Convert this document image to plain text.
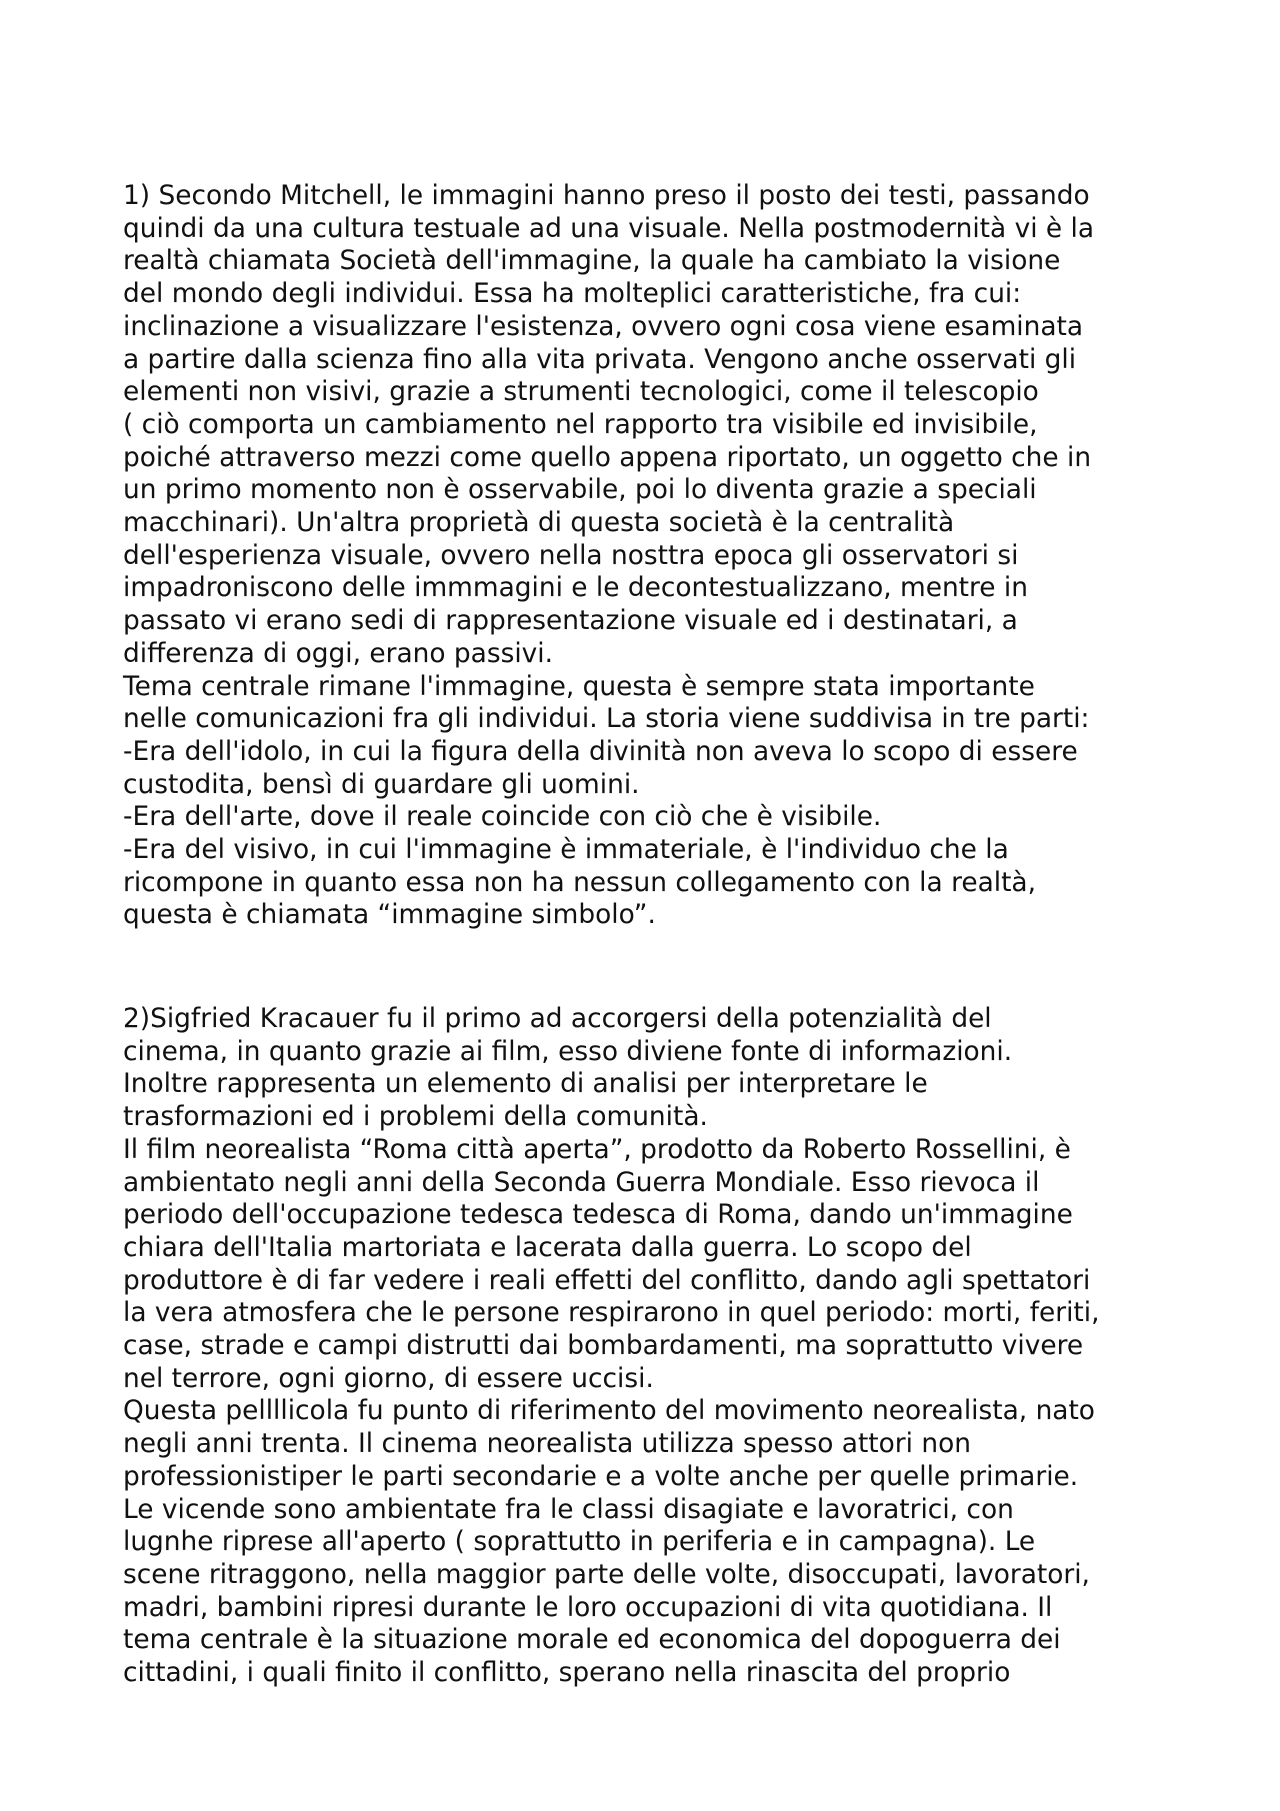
1) Secondo Mitchell, le immagini hanno preso il posto dei testi, passando
quindi da una cultura testuale ad una visuale. Nella postmodernità vi è la
realtà chiamata Società dell'immagine, la quale ha cambiato la visione
del mondo degli individui. Essa ha molteplici caratteristiche, fra cui:
inclinazione a visualizzare l'esistenza, ovvero ogni cosa viene esaminata
a partire dalla scienza fino alla vita privata. Vengono anche osservati gli
elementi non visivi, grazie a strumenti tecnologici, come il telescopio
( ciò comporta un cambiamento nel rapporto tra visibile ed invisibile,
poiché attraverso mezzi come quello appena riportato, un oggetto che in
un primo momento non è osservabile, poi lo diventa grazie a speciali
macchinari). Un'altra proprietà di questa società è la centralità
dell'esperienza visuale, ovvero nella nosttra epoca gli osservatori si
impadroniscono delle immmagini e le decontestualizzano, mentre in
passato vi erano sedi di rappresentazione visuale ed i destinatari, a
differenza di oggi, erano passivi.
Tema centrale rimane l'immagine, questa è sempre stata importante
nelle comunicazioni fra gli individui. La storia viene suddivisa in tre parti:
-Era dell'idolo, in cui la figura della divinità non aveva lo scopo di essere
custodita, bensì di guardare gli uomini.
-Era dell'arte, dove il reale coincide con ciò che è visibile.
-Era del visivo, in cui l'immagine è immateriale, è l'individuo che la
ricompone in quanto essa non ha nessun collegamento con la realtà,
questa è chiamata “immagine simbolo”.
2)Sigfried Kracauer fu il primo ad accorgersi della potenzialità del
cinema, in quanto grazie ai film, esso diviene fonte di informazioni.
Inoltre rappresenta un elemento di analisi per interpretare le
trasformazioni ed i problemi della comunità.
Il film neorealista “Roma città aperta”, prodotto da Roberto Rossellini, è
ambientato negli anni della Seconda Guerra Mondiale. Esso rievoca il
periodo dell'occupazione tedesca tedesca di Roma, dando un'immagine
chiara dell'Italia martoriata e lacerata dalla guerra. Lo scopo del
produttore è di far vedere i reali effetti del conflitto, dando agli spettatori
la vera atmosfera che le persone respirarono in quel periodo: morti, feriti,
case, strade e campi distrutti dai bombardamenti, ma soprattutto vivere
nel terrore, ogni giorno, di essere uccisi.
Questa pellllicola fu punto di riferimento del movimento neorealista, nato
negli anni trenta. Il cinema neorealista utilizza spesso attori non
professionistiper le parti secondarie e a volte anche per quelle primarie.
Le vicende sono ambientate fra le classi disagiate e lavoratrici, con
lugnhe riprese all'aperto ( soprattutto in periferia e in campagna). Le
scene ritraggono, nella maggior parte delle volte, disoccupati, lavoratori,
madri, bambini ripresi durante le loro occupazioni di vita quotidiana. Il
tema centrale è la situazione morale ed economica del dopoguerra dei
cittadini, i quali finito il conflitto, sperano nella rinascita del proprio
